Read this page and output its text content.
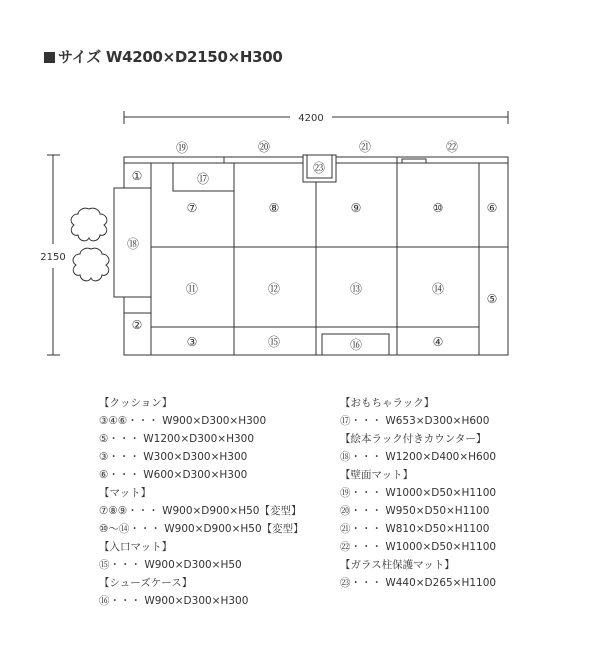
サイズ W4200×D2150×H300
4200
2150
⑲	⑳	㉑	㉒
㉓
①	⑰
⑦	⑧	⑨	⑩	⑥
⑱
⑪	⑫	⑬	⑭
⑤
②
③	⑮	⑯	④
【クッション】
③④⑥・・・ W900×D300×H300
⑤・・・ W1200×D300×H300
③・・・ W300×D300×H300
⑥・・・ W600×D300×H300
【マット】
⑦⑧⑨・・・ W900×D900×H50【変型】
⑩～⑭・・・ W900×D900×H50【変型】
【入口マット】
⑮・・・ W900×D300×H50
【シューズケース】
⑯・・・ W900×D300×H300
【おもちゃラック】
⑰・・・ W653×D300×H600
【絵本ラック付きカウンター】
⑱・・・ W1200×D400×H600
【壁面マット】
⑲・・・ W1000×D50×H1100
⑳・・・ W950×D50×H1100
㉑・・・ W810×D50×H1100
㉒・・・ W1000×D50×H1100
【ガラス柱保護マット】
㉓・・・ W440×D265×H1100
